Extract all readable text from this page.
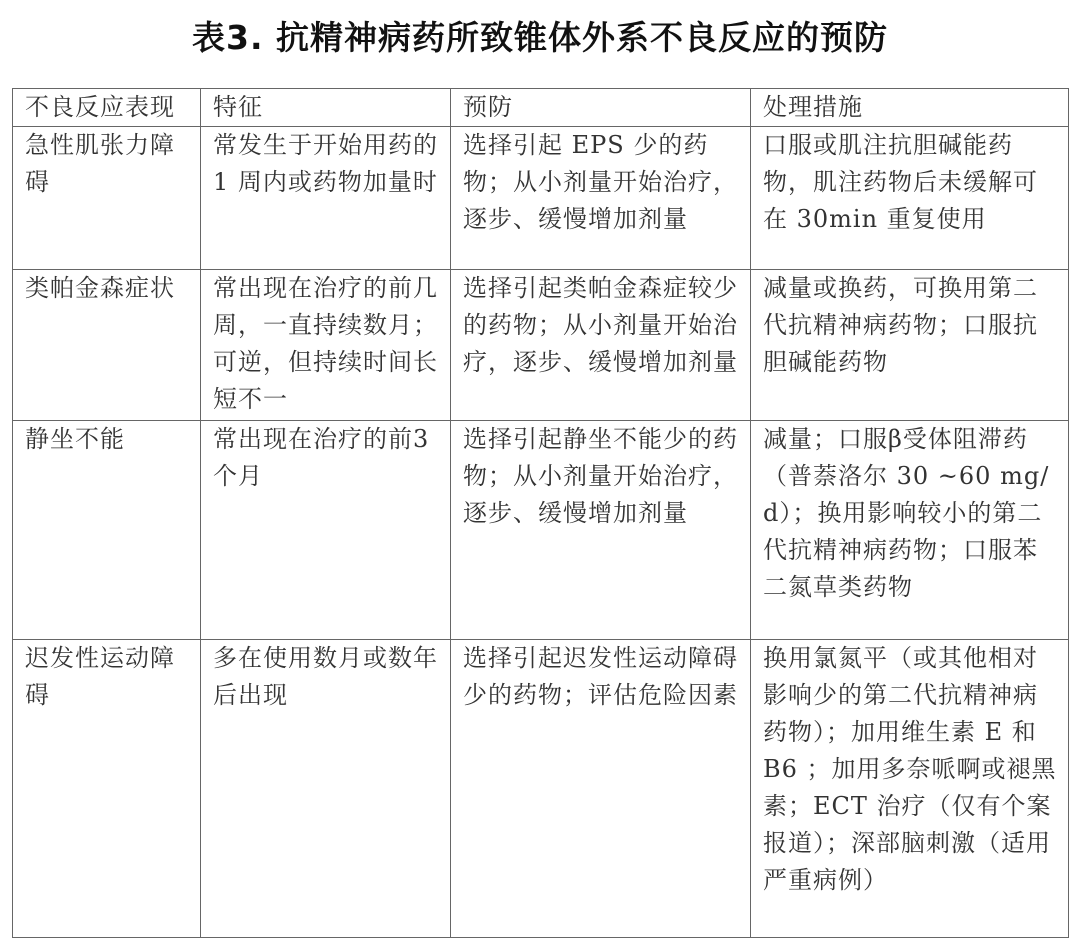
表3. 抗精神病药所致锥体外系不良反应的预防
不良反应表现	特征	预防	处理措施
急性肌张力障碍	常发生于开始用药的 1 周内或药物加量时	选择引起 EPS 少的药物；从小剂量开始治疗，逐步、缓慢增加剂量	口服或肌注抗胆碱能药物，肌注药物后未缓解可在 30min 重复使用
类帕金森症状	常出现在治疗的前几周，一直持续数月；可逆，但持续时间长短不一	选择引起类帕金森症较少的药物；从小剂量开始治疗，逐步、缓慢增加剂量	减量或换药，可换用第二代抗精神病药物；口服抗胆碱能药物
静坐不能	常出现在治疗的前3个月	选择引起静坐不能少的药物；从小剂量开始治疗，逐步、缓慢增加剂量	减量；口服β受体阻滞药（普萘洛尔 30 ~60 mg/d）；换用影响较小的第二代抗精神病药物；口服苯二氮草类药物
迟发性运动障碍	多在使用数月或数年后出现	选择引起迟发性运动障碍少的药物；评估危险因素	换用氯氮平（或其他相对影响少的第二代抗精神病药物）；加用维生素 E 和 B6 ；加用多奈哌啊或褪黑素；ECT 治疗（仅有个案报道）；深部脑刺激（适用严重病例）
